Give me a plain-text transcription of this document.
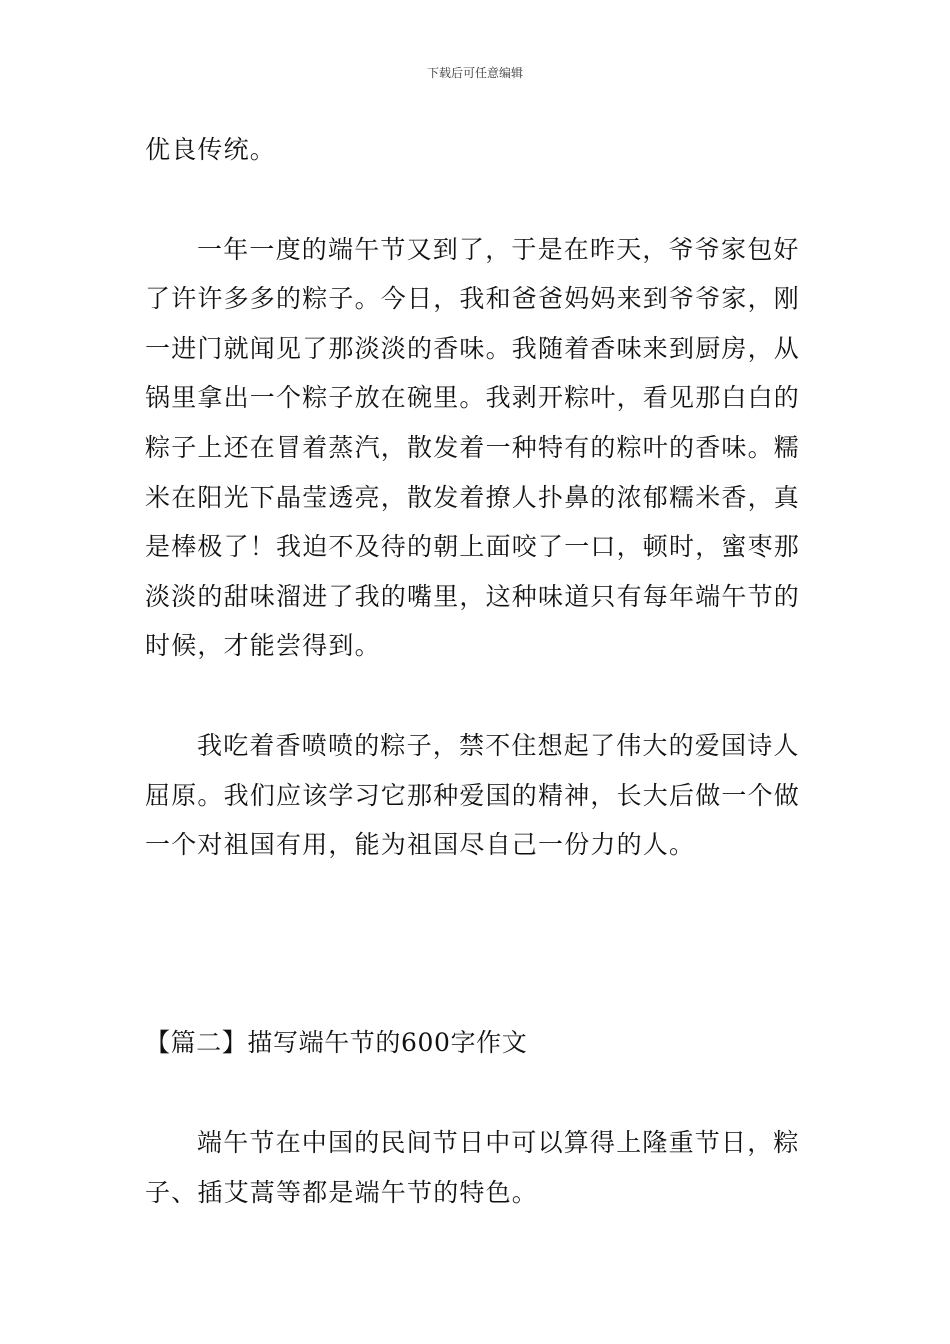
下载后可任意编辑
优良传统。
一年一度的端午节又到了，于是在昨天，爷爷家包好
了许许多多的粽子。今日，我和爸爸妈妈来到爷爷家，刚
一进门就闻见了那淡淡的香味。我随着香味来到厨房，从
锅里拿出一个粽子放在碗里。我剥开粽叶，看见那白白的
粽子上还在冒着蒸汽，散发着一种特有的粽叶的香味。糯
米在阳光下晶莹透亮，散发着撩人扑鼻的浓郁糯米香，真
是棒极了！我迫不及待的朝上面咬了一口，顿时，蜜枣那
淡淡的甜味溜进了我的嘴里，这种味道只有每年端午节的
时候，才能尝得到。
我吃着香喷喷的粽子，禁不住想起了伟大的爱国诗人
屈原。我们应该学习它那种爱国的精神，长大后做一个做
一个对祖国有用，能为祖国尽自己一份力的人。
【篇二】描写端午节的600字作文
端午节在中国的民间节日中可以算得上隆重节日，粽
子、插艾蒿等都是端午节的特色。
